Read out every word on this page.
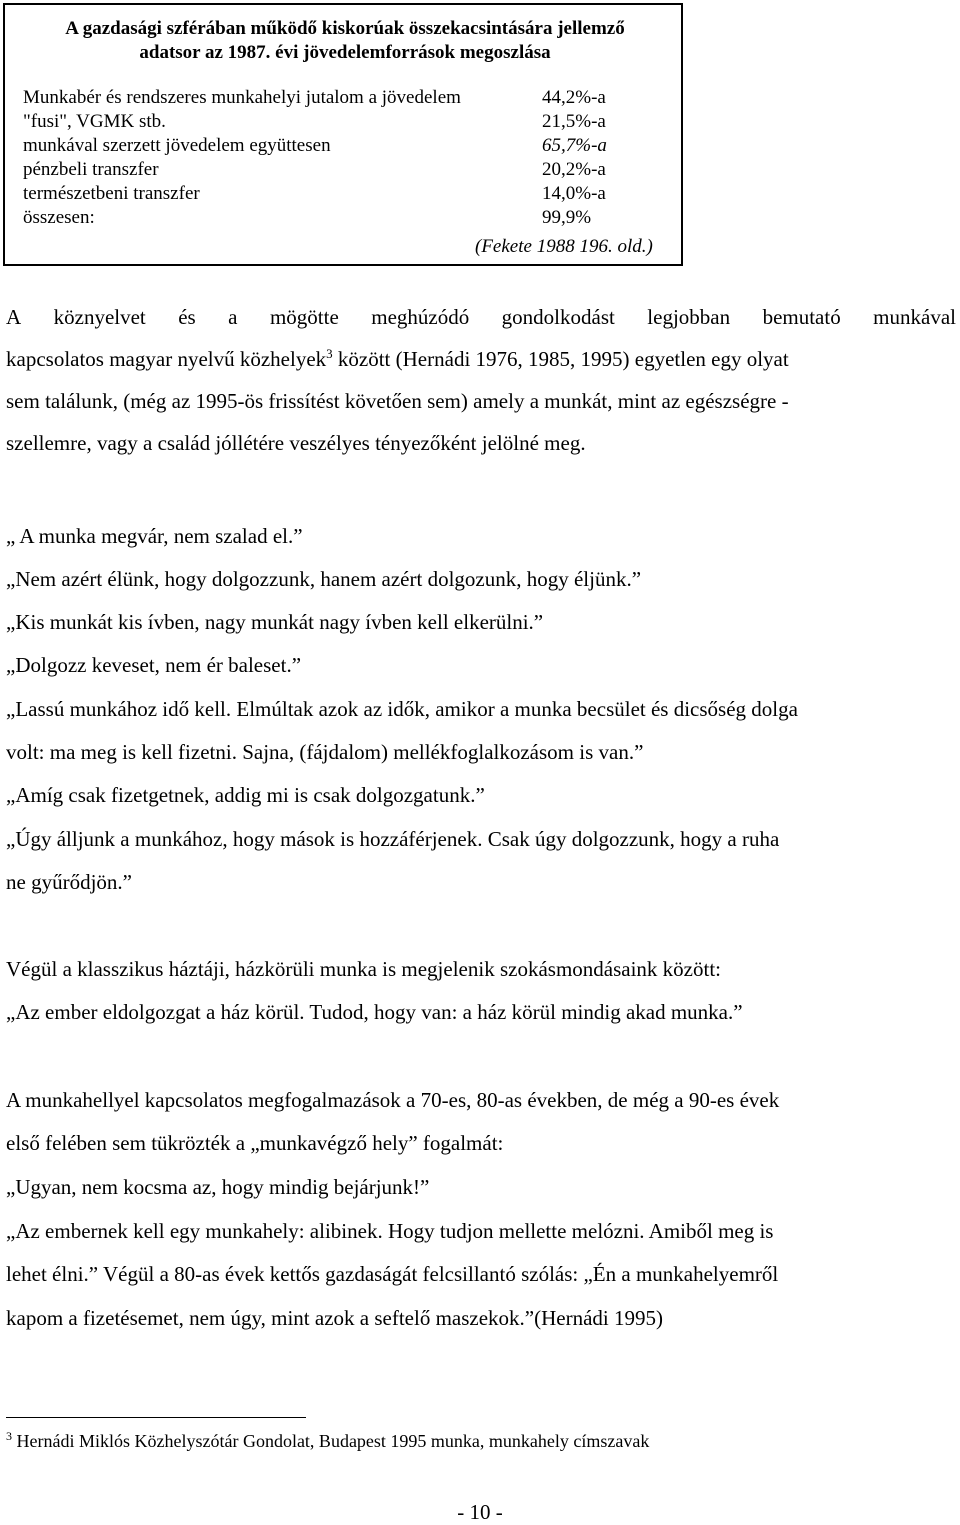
A gazdasági szférában működő kiskorúak összekacsintására jellemző
adatsor az 1987. évi jövedelemforrások megoszlása
Munkabér és rendszeres munkahelyi jutalom a jövedelem	44,2%-a
"fusi", VGMK stb.	21,5%-a
munkával szerzett jövedelem együttesen	65,7%-a
pénzbeli transzfer	20,2%-a
természetbeni transzfer	14,0%-a
összesen:	99,9%
(Fekete 1988 196. old.)
A köznyelvet és a mögötte meghúzódó gondolkodást legjobban bemutató munkával
kapcsolatos magyar nyelvű közhelyek$^3$ között (Hernádi 1976, 1985, 1995) egyetlen egy olyat
sem találunk, (még az 1995-ös frissítést követően sem) amely a munkát, mint az egészségre -
szellemre, vagy a család jóllétére veszélyes tényezőként jelölné meg.
„ A munka megvár, nem szalad el.”
„Nem azért élünk, hogy dolgozzunk, hanem azért dolgozunk, hogy éljünk.”
„Kis munkát kis ívben, nagy munkát nagy ívben kell elkerülni.”
„Dolgozz keveset, nem ér baleset.”
„Lassú munkához idő kell. Elmúltak azok az idők, amikor a munka becsület és dicsőség dolga
volt: ma meg is kell fizetni. Sajna, (fájdalom) mellékfoglalkozásom is van.”
„Amíg csak fizetgetnek, addig mi is csak dolgozgatunk.”
„Úgy álljunk a munkához, hogy mások is hozzáférjenek. Csak úgy dolgozzunk, hogy a ruha
ne gyűrődjön.”
Végül a klasszikus háztáji, házkörüli munka is megjelenik szokásmondásaink között:
„Az ember eldolgozgat a ház körül. Tudod, hogy van: a ház körül mindig akad munka.”
A munkahellyel kapcsolatos megfogalmazások a 70-es, 80-as években, de még a 90-es évek
első felében sem tükrözték a „munkavégző hely” fogalmát:
„Ugyan, nem kocsma az, hogy mindig bejárjunk!”
„Az embernek kell egy munkahely: alibinek. Hogy tudjon mellette melózni. Amiből meg is
lehet élni.” Végül a 80-as évek kettős gazdaságát felcsillantó szólás: „Én a munkahelyemről
kapom a fizetésemet, nem úgy, mint azok a seftelő maszekok.”(Hernádi 1995)
$^3$ Hernádi Miklós Közhelyszótár Gondolat, Budapest 1995 munka, munkahely címszavak
- 10 -
